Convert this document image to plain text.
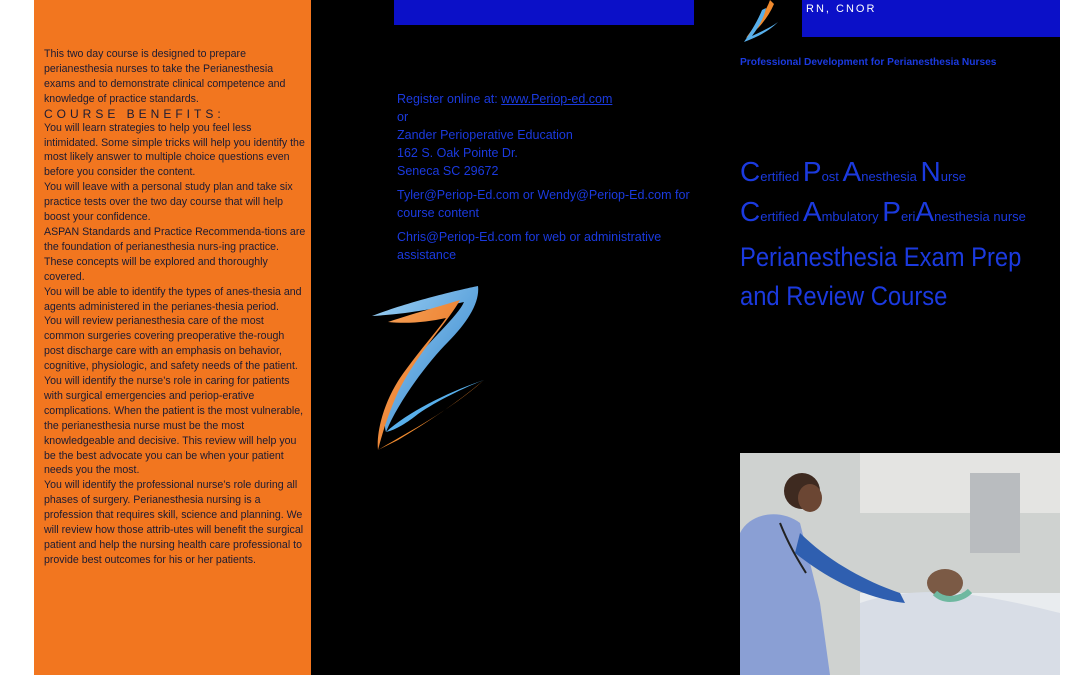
RN, CNOR

This two day course is designed to prepare perianesthesia nurses to take the Perianesthesia exams and to demonstrate clinical competence and knowledge of practice standards.

COURSE BENEFITS:

You will learn strategies to help you feel less intimidated. Some simple tricks will help you identify the most likely answer to multiple choice questions even before you consider the content.

You will leave with a personal study plan and take six practice tests over the two day course that will help boost your confidence.

ASPAN Standards and Practice Recommenda-tions are the foundation of perianesthesia nurs-ing practice. These concepts will be explored and thoroughly covered.

You will be able to identify the types of anes-thesia and agents administered in the perianes-thesia period.

You will review perianesthesia care of the most common surgeries covering preoperative the-rough post discharge care with an emphasis on behavior, cognitive, physiologic, and safety needs of the patient.

You will identify the nurse’s role in caring for patients with surgical emergencies and periop-erative complications. When the patient is the most vulnerable, the perianesthesia nurse must be the most knowledgeable and decisive. This review will help you be the best advocate you can be when your patient needs you the most.

You will identify the professional nurse’s role during all phases of surgery. Perianesthesia nursing is a profession that requires skill, science and planning. We will review how those attrib-utes will benefit the surgical patient and help the nursing health care professional to provide best outcomes for his or her patients.

Register online at: www.Periop-ed.com
or
Zander Perioperative Education
162 S. Oak Pointe Dr.
Seneca SC 29672
Tyler@Periop-Ed.com or Wendy@Periop-Ed.com for course content
Chris@Periop-Ed.com for web or administrative assistance
Professional Development for Perianesthesia Nurses
Certified Post Anesthesia Nurse
Certified Ambulatory PeriAnesthesia nurse
Perianesthesia Exam Prep
and Review Course
